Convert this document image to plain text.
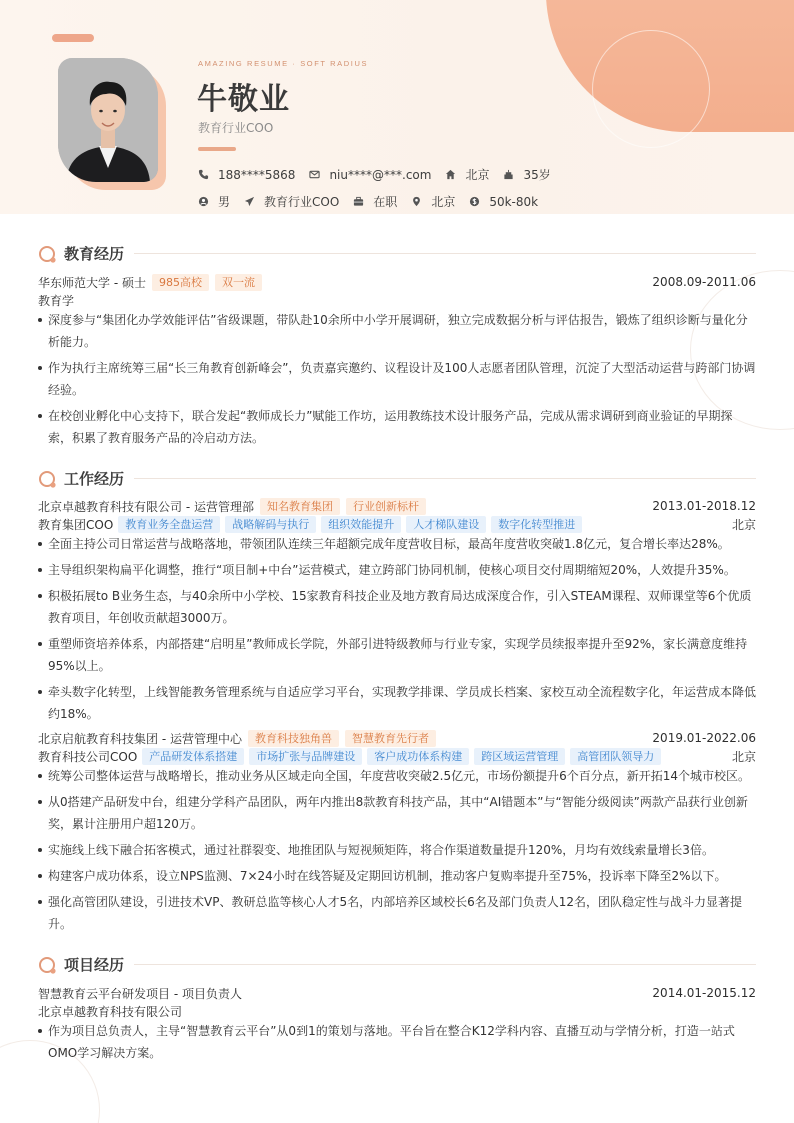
AMAZING RESUME · SOFT RADIUS
牛敬业
教育行业COO
188****5868	niu****@***.com	北京	35岁
男	教育行业COO	在职	北京	50k-80k
教育经历
华东师范大学 - 硕士	985高校	双一流	2008.09-2011.06
教育学
深度参与“集团化办学效能评估”省级课题，带队赴10余所中小学开展调研，独立完成数据分析与评估报告，锻炼了组织诊断与量化分析能力。
作为执行主席统筹三届“长三角教育创新峰会”，负责嘉宾邀约、议程设计及100人志愿者团队管理，沉淀了大型活动运营与跨部门协调经验。
在校创业孵化中心支持下，联合发起“教师成长力”赋能工作坊，运用教练技术设计服务产品，完成从需求调研到商业验证的早期探索，积累了教育服务产品的冷启动方法。
工作经历
北京卓越教育科技有限公司 - 运营管理部	知名教育集团	行业创新标杆	2013.01-2018.12
教育集团COO	教育业务全盘运营	战略解码与执行	组织效能提升	人才梯队建设	数字化转型推进	北京
全面主持公司日常运营与战略落地，带领团队连续三年超额完成年度营收目标，最高年度营收突破1.8亿元，复合增长率达28%。
主导组织架构扁平化调整，推行“项目制+中台”运营模式，建立跨部门协同机制，使核心项目交付周期缩短20%，人效提升35%。
积极拓展to B业务生态，与40余所中小学校、15家教育科技企业及地方教育局达成深度合作，引入STEAM课程、双师课堂等6个优质教育项目，年创收贡献超3000万。
重塑师资培养体系，内部搭建“启明星”教师成长学院，外部引进特级教师与行业专家，实现学员续报率提升至92%，家长满意度维持95%以上。
牵头数字化转型，上线智能教务管理系统与自适应学习平台，实现教学排课、学员成长档案、家校互动全流程数字化，年运营成本降低约18%。
北京启航教育科技集团 - 运营管理中心	教育科技独角兽	智慧教育先行者	2019.01-2022.06
教育科技公司COO	产品研发体系搭建	市场扩张与品牌建设	客户成功体系构建	跨区域运营管理	高管团队领导力	北京
统筹公司整体运营与战略增长，推动业务从区域走向全国，年度营收突破2.5亿元，市场份额提升6个百分点，新开拓14个城市校区。
从0搭建产品研发中台，组建分学科产品团队，两年内推出8款教育科技产品，其中“AI错题本”与“智能分级阅读”两款产品获行业创新奖，累计注册用户超120万。
实施线上线下融合拓客模式，通过社群裂变、地推团队与短视频矩阵，将合作渠道数量提升120%，月均有效线索量增长3倍。
构建客户成功体系，设立NPS监测、7×24小时在线答疑及定期回访机制，推动客户复购率提升至75%，投诉率下降至2%以下。
强化高管团队建设，引进技术VP、教研总监等核心人才5名，内部培养区域校长6名及部门负责人12名，团队稳定性与战斗力显著提升。
项目经历
智慧教育云平台研发项目 - 项目负责人	2014.01-2015.12
北京卓越教育科技有限公司
作为项目总负责人，主导“智慧教育云平台”从0到1的策划与落地。平台旨在整合K12学科内容、直播互动与学情分析，打造一站式OMO学习解决方案。
